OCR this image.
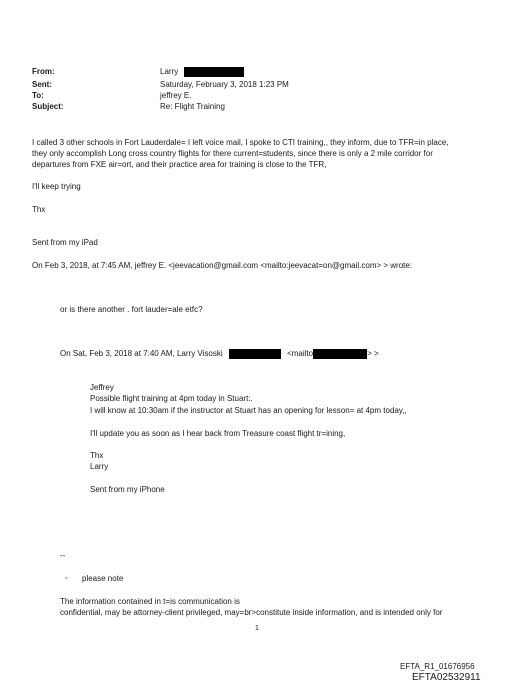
From:	Larry
Sent:	Saturday, February 3, 2018 1:23 PM
To:	jeffrey E.
Subject:	Re: Flight Training
I called 3 other schools in Fort Lauderdale= I left voice mail, I spoke to CTI training,, they inform, due to TFR=in place,
they only accomplish Long cross country flights for there current=students, since there is only a 2 mile corridor for
departures from FXE air=ort, and their practice area for training is close to the TFR,
I'll keep trying
Thx
Sent from my iPad
On Feb 3, 2018, at 7:45 AM, jeffrey E. <jeevacation@gmail.com <mailto:jeevacat=on@gmail.com> > wrote:
or is there another . fort lauder=ale etfc?
On Sat, Feb 3, 2018 at 7:40 AM, Larry Visoski	<mailto	> >
Jeffrey
Possible flight training at 4pm today in Stuart:.
I will know at 10:30am if the instructor at Stuart has an opening for lesson= at 4pm today,,
I'll update you as soon as I hear back from Treasure coast flight tr=ining,
Thx
Larry
Sent from my iPhone
--
▫ please note
The information contained in t=is communication is
confidential, may be attorney-client privileged, may=br>constitute inside information, and is intended only for
1
EFTA_R1_01676956
EFTA02532911
